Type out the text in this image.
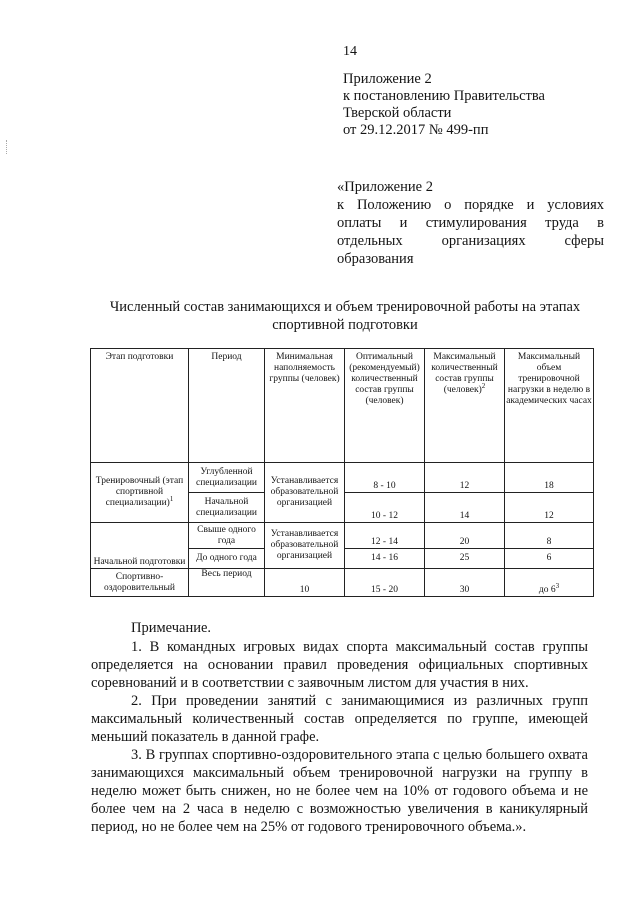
14
Приложение 2
к постановлению Правительства
Тверской области
от 29.12.2017 № 499-пп
«Приложение 2
к Положению о порядке и условиях
оплаты и стимулирования труда в
отдельных организациях сферы
образования
Численный состав занимающихся и объем тренировочной работы на этапах
спортивной подготовки
Этап подготовки	Период	Минимальная наполняемость группы (человек)	Оптимальный (рекомендуемый) количественный состав группы (человек)	Максимальный количественный состав группы (человек)$^2$	Максимальный объем тренировочной нагрузки в неделю в академических часах
Тренировочный (этап спортивной специализации)$^1$	Углубленной специализации	Устанавливается образовательной организацией	8 - 10	12	18
	Начальной специализации		10 - 12	14	12
Начальной подготовки	Свыше одного года	Устанавливается образовательной организацией	12 - 14	20	8
	До одного года		14 - 16	25	6
Спортивно-оздоровительный	Весь период	10	15 - 20	30	до $6^3$
Примечание.

1. В командных игровых видах спорта максимальный состав группы определяется на основании правил проведения официальных спортивных соревнований и в соответствии с заявочным листом для участия в них.

2. При проведении занятий с занимающимися из различных групп максимальный количественный состав определяется по группе, имеющей меньший показатель в данной графе.

3. В группах спортивно-оздоровительного этапа с целью большего охвата занимающихся максимальный объем тренировочной нагрузки на группу в неделю может быть снижен, но не более чем на 10% от годового объема и не более чем на 2 часа в неделю с возможностью увеличения в каникулярный период, но не более чем на 25% от годового тренировочного объема.».
